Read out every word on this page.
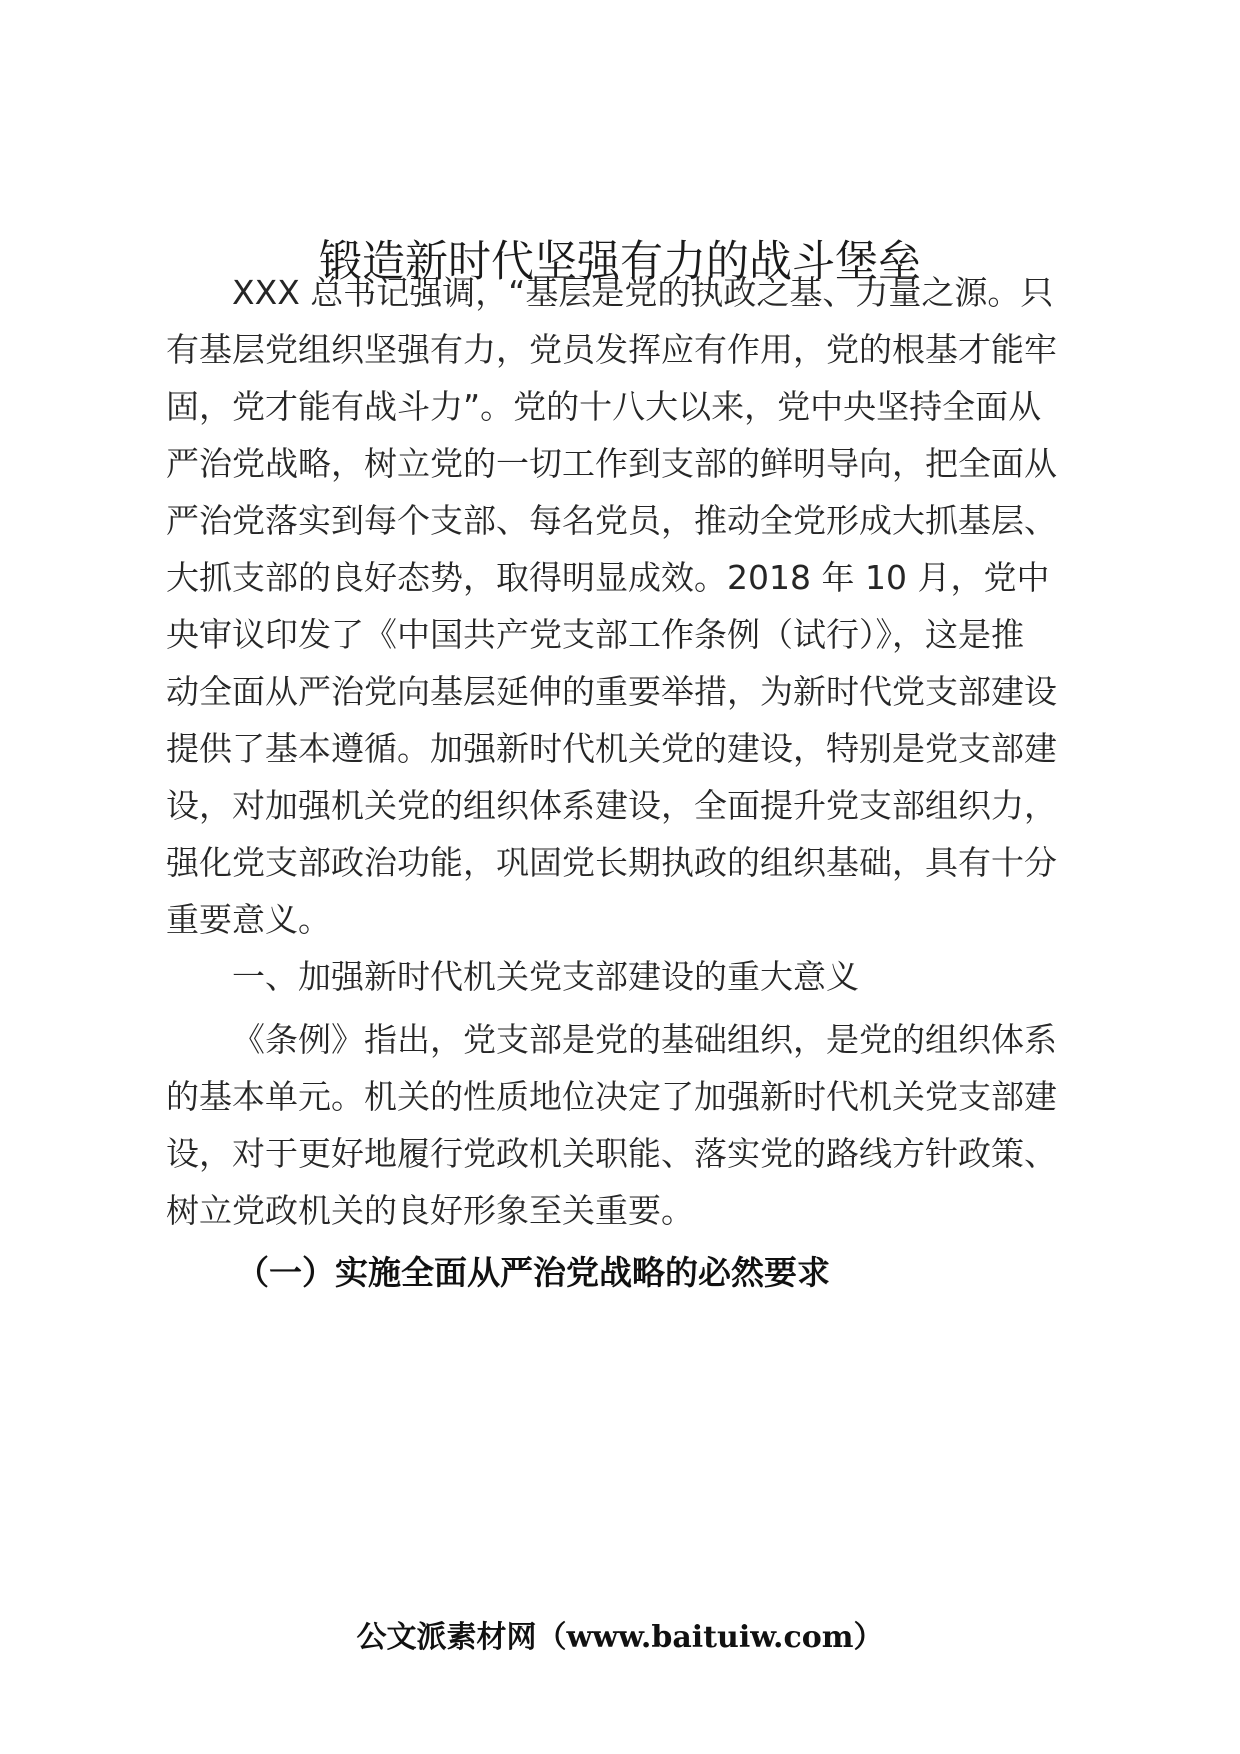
锻造新时代坚强有力的战斗堡垒
XXX 总书记强调，“基层是党的执政之基、力量之源。只
有基层党组织坚强有力，党员发挥应有作用，党的根基才能牢
固，党才能有战斗力”。党的十八大以来，党中央坚持全面从
严治党战略，树立党的一切工作到支部的鲜明导向，把全面从
严治党落实到每个支部、每名党员，推动全党形成大抓基层、
大抓支部的良好态势，取得明显成效。2018 年 10 月，党中
央审议印发了《中国共产党支部工作条例（试行）》，这是推
动全面从严治党向基层延伸的重要举措，为新时代党支部建设
提供了基本遵循。加强新时代机关党的建设，特别是党支部建
设，对加强机关党的组织体系建设，全面提升党支部组织力，
强化党支部政治功能，巩固党长期执政的组织基础，具有十分
重要意义。
一、加强新时代机关党支部建设的重大意义
《条例》指出，党支部是党的基础组织，是党的组织体系
的基本单元。机关的性质地位决定了加强新时代机关党支部建
设，对于更好地履行党政机关职能、落实党的路线方针政策、
树立党政机关的良好形象至关重要。
（一）实施全面从严治党战略的必然要求
公文派素材网（www.baituiw.com）
